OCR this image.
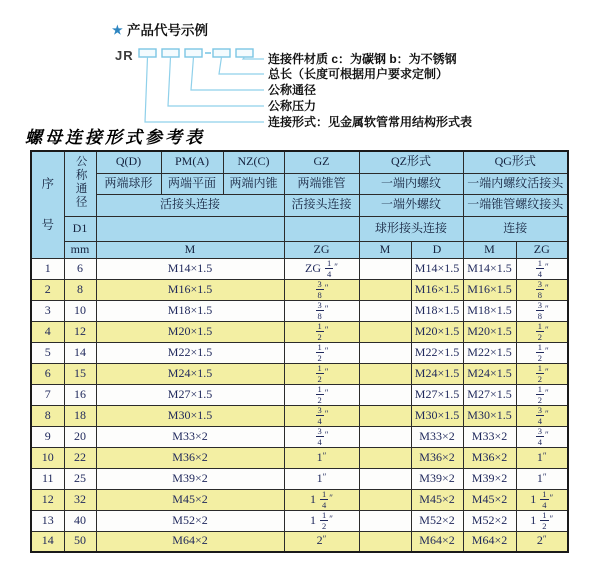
★ 产品代号示例
JR	连接件材质 c：为碳钢 b：为不锈钢
总长（长度可根据用户要求定制）
公称通径
公称压力
连接形式：见金属软管常用结构形式表
螺母连接形式参考表
序
号	公称通径	Q(D)	PM(A)	NZ(C)	GZ	QZ形式		QG形式	
		两端球形	两端平面	两端内锥	两端锥管	一端内螺纹		一端内螺纹活接头	
		活接头连接			活接头连接	一端外螺纹		一端锥管螺纹接头	
	D1					球形接头连接		连接	
	mm	M			ZG	M	D	M	ZG
1	6	M14×1.5			ZG $\frac{1}{4}$ ″		M14×1.5	M14×1.5	$\frac{1}{4}$ ″
2	8	M16×1.5			$\frac{3}{8}$ ″		M16×1.5	M16×1.5	$\frac{3}{8}$ ″
3	10	M18×1.5			$\frac{3}{8}$ ″		M18×1.5	M18×1.5	$\frac{3}{8}$ ″
4	12	M20×1.5			$\frac{1}{2}$ ″		M20×1.5	M20×1.5	$\frac{1}{2}$ ″
5	14	M22×1.5			$\frac{1}{2}$ ″		M22×1.5	M22×1.5	$\frac{1}{2}$ ″
6	15	M24×1.5			$\frac{1}{2}$ ″		M24×1.5	M24×1.5	$\frac{1}{2}$ ″
7	16	M27×1.5			$\frac{1}{2}$ ″		M27×1.5	M27×1.5	$\frac{1}{2}$ ″
8	18	M30×1.5			$\frac{3}{4}$ ″		M30×1.5	M30×1.5	$\frac{3}{4}$ ″
9	20	M33×2			$\frac{3}{4}$ ″		M33×2	M33×2	$\frac{3}{4}$ ″
10	22	M36×2			1″		M36×2	M36×2	1″
11	25	M39×2			1″		M39×2	M39×2	1″
12	32	M45×2			$1 \frac{1}{4}$ ″		M45×2	M45×2	$1 \frac{1}{4}$ ″
13	40	M52×2			$1 \frac{1}{2}$ ″		M52×2	M52×2	$1 \frac{1}{2}$ ″
14	50	M64×2			2″		M64×2	M64×2	2″
